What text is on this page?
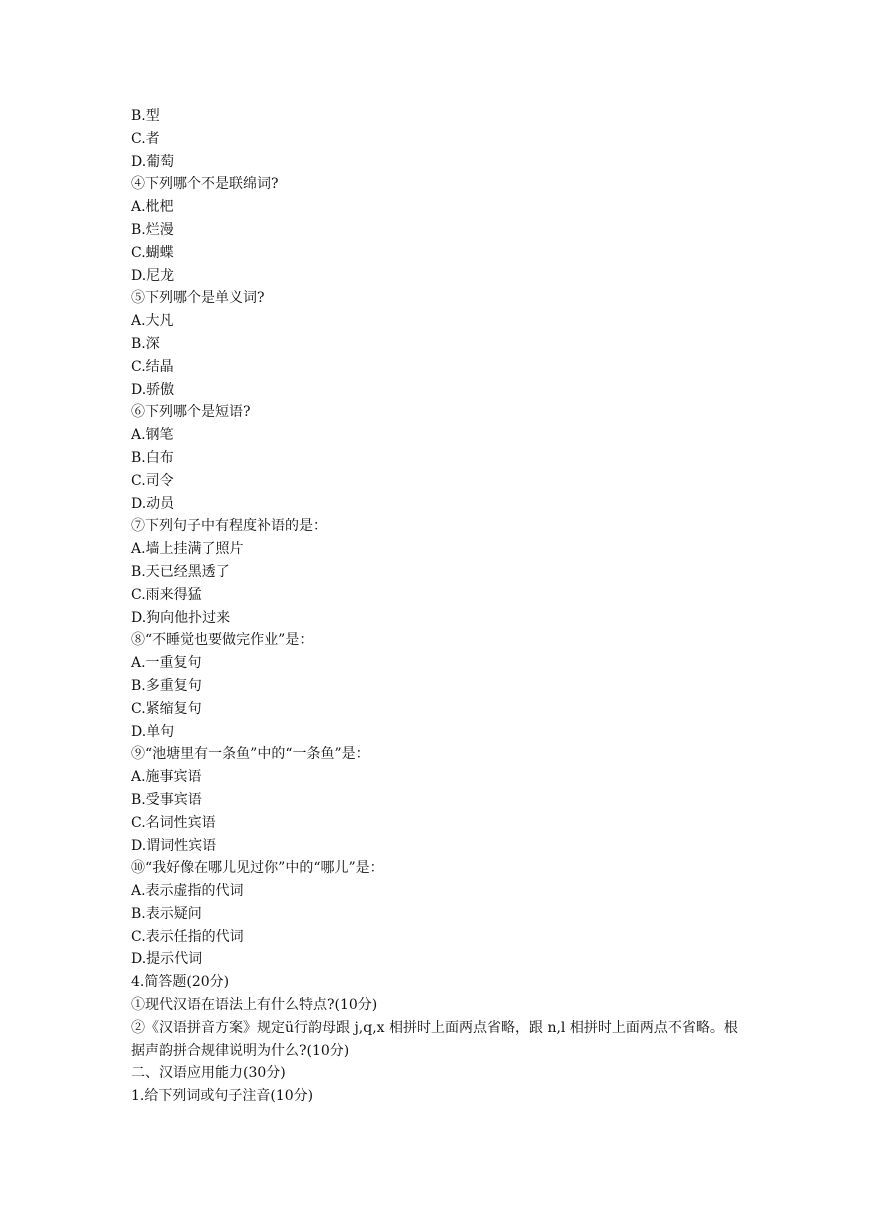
B.型

C.者

D.葡萄

④下列哪个不是联绵词?

A.枇杷

B.烂漫

C.蝴蝶

D.尼龙

⑤下列哪个是单义词?

A.大凡

B.深

C.结晶

D.骄傲

⑥下列哪个是短语?

A.钢笔

B.白布

C.司令

D.动员

⑦下列句子中有程度补语的是：

A.墙上挂满了照片

B.天已经黑透了

C.雨来得猛

D.狗向他扑过来

⑧“不睡觉也要做完作业”是：

A.一重复句

B.多重复句

C.紧缩复句

D.单句

⑨“池塘里有一条鱼”中的“一条鱼”是：

A.施事宾语

B.受事宾语

C.名词性宾语

D.谓词性宾语

⑩“我好像在哪儿见过你”中的“哪儿”是：

A.表示虚指的代词

B.表示疑问

C.表示任指的代词

D.提示代词

4.简答题(20分)

①现代汉语在语法上有什么特点?(10分)

②《汉语拼音方案》规定ü行韵母跟 j,q,x 相拼时上面两点省略，跟 n,l 相拼时上面两点不省略。根据声韵拼合规律说明为什么?(10分)

二、汉语应用能力(30分)

1.给下列词或句子注音(10分)
